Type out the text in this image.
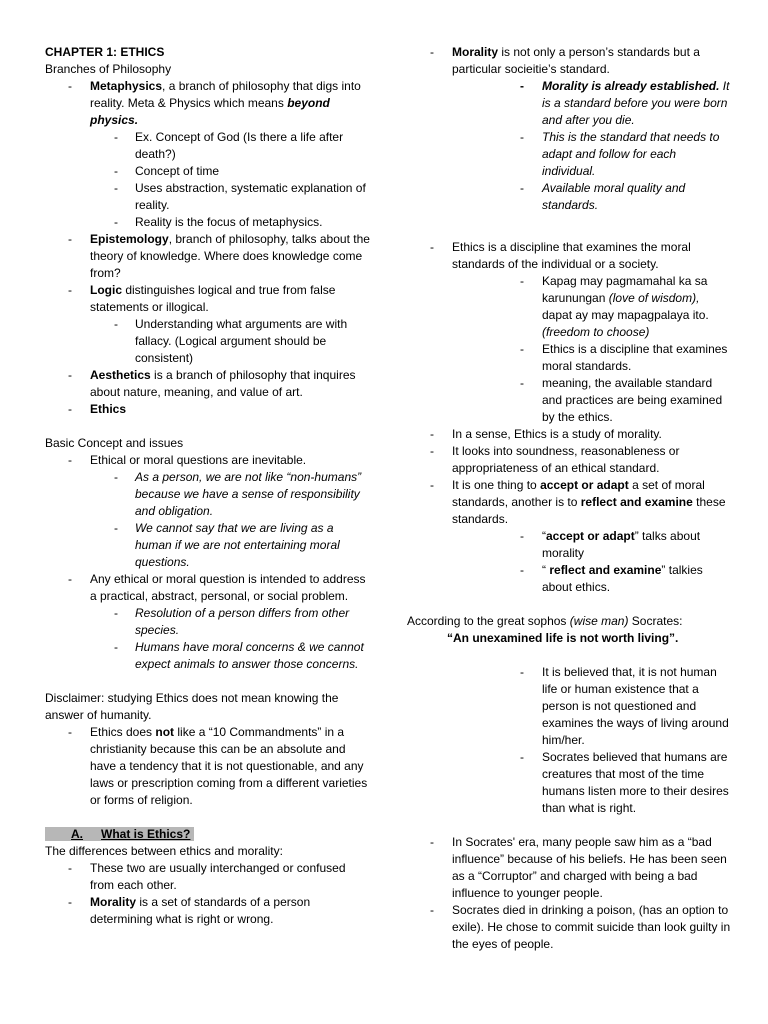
CHAPTER 1: ETHICS
Branches of Philosophy
- Metaphysics, a branch of philosophy that digs into reality. Meta & Physics which means beyond physics.
- Ex. Concept of God (Is there a life after death?)
- Concept of time
- Uses abstraction, systematic explanation of reality.
- Reality is the focus of metaphysics.
- Epistemology, branch of philosophy, talks about the theory of knowledge. Where does knowledge come from?
- Logic distinguishes logical and true from false statements or illogical.
- Understanding what arguments are with fallacy. (Logical argument should be consistent)
- Aesthetics is a branch of philosophy that inquires about nature, meaning, and value of art.
- Ethics
Basic Concept and issues
- Ethical or moral questions are inevitable.
- As a person, we are not like “non-humans” because we have a sense of responsibility and obligation.
- We cannot say that we are living as a human if we are not entertaining moral questions.
- Any ethical or moral question is intended to address a practical, abstract, personal, or social problem.
- Resolution of a person differs from other species.
- Humans have moral concerns & we cannot expect animals to answer those concerns.
Disclaimer: studying Ethics does not mean knowing the answer of humanity.
- Ethics does not like a “10 Commandments” in a christianity because this can be an absolute and have a tendency that it is not questionable, and any laws or prescription coming from a different varieties or forms of religion.
A. What is Ethics?
The differences between ethics and morality:
- These two are usually interchanged or confused from each other.
- Morality is a set of standards of a person determining what is right or wrong.
- Morality is not only a person’s standards but a particular socieitie’s standard.
- Morality is already established. It is a standard before you were born and after you die.
- This is the standard that needs to adapt and follow for each individual.
- Available moral quality and standards.
- Ethics is a discipline that examines the moral standards of the individual or a society.
- Kapag may pagmamahal ka sa karunungan (love of wisdom), dapat ay may mapagpalaya ito. (freedom to choose)
- Ethics is a discipline that examines moral standards.
- meaning, the available standard and practices are being examined by the ethics.
- In a sense, Ethics is a study of morality.
- It looks into soundness, reasonableness or appropriateness of an ethical standard.
- It is one thing to accept or adapt a set of moral standards, another is to reflect and examine these standards.
- “accept or adapt” talks about morality
- “ reflect and examine” talkies about ethics.
According to the great sophos (wise man) Socrates:
“An unexamined life is not worth living”.
- It is believed that, it is not human life or human existence that a person is not questioned and examines the ways of living around him/her.
- Socrates believed that humans are creatures that most of the time humans listen more to their desires than what is right.
- In Socrates' era, many people saw him as a “bad influence” because of his beliefs. He has been seen as a “Corruptor” and charged with being a bad influence to younger people.
- Socrates died in drinking a poison, (has an option to exile). He chose to commit suicide than look guilty in the eyes of people.
